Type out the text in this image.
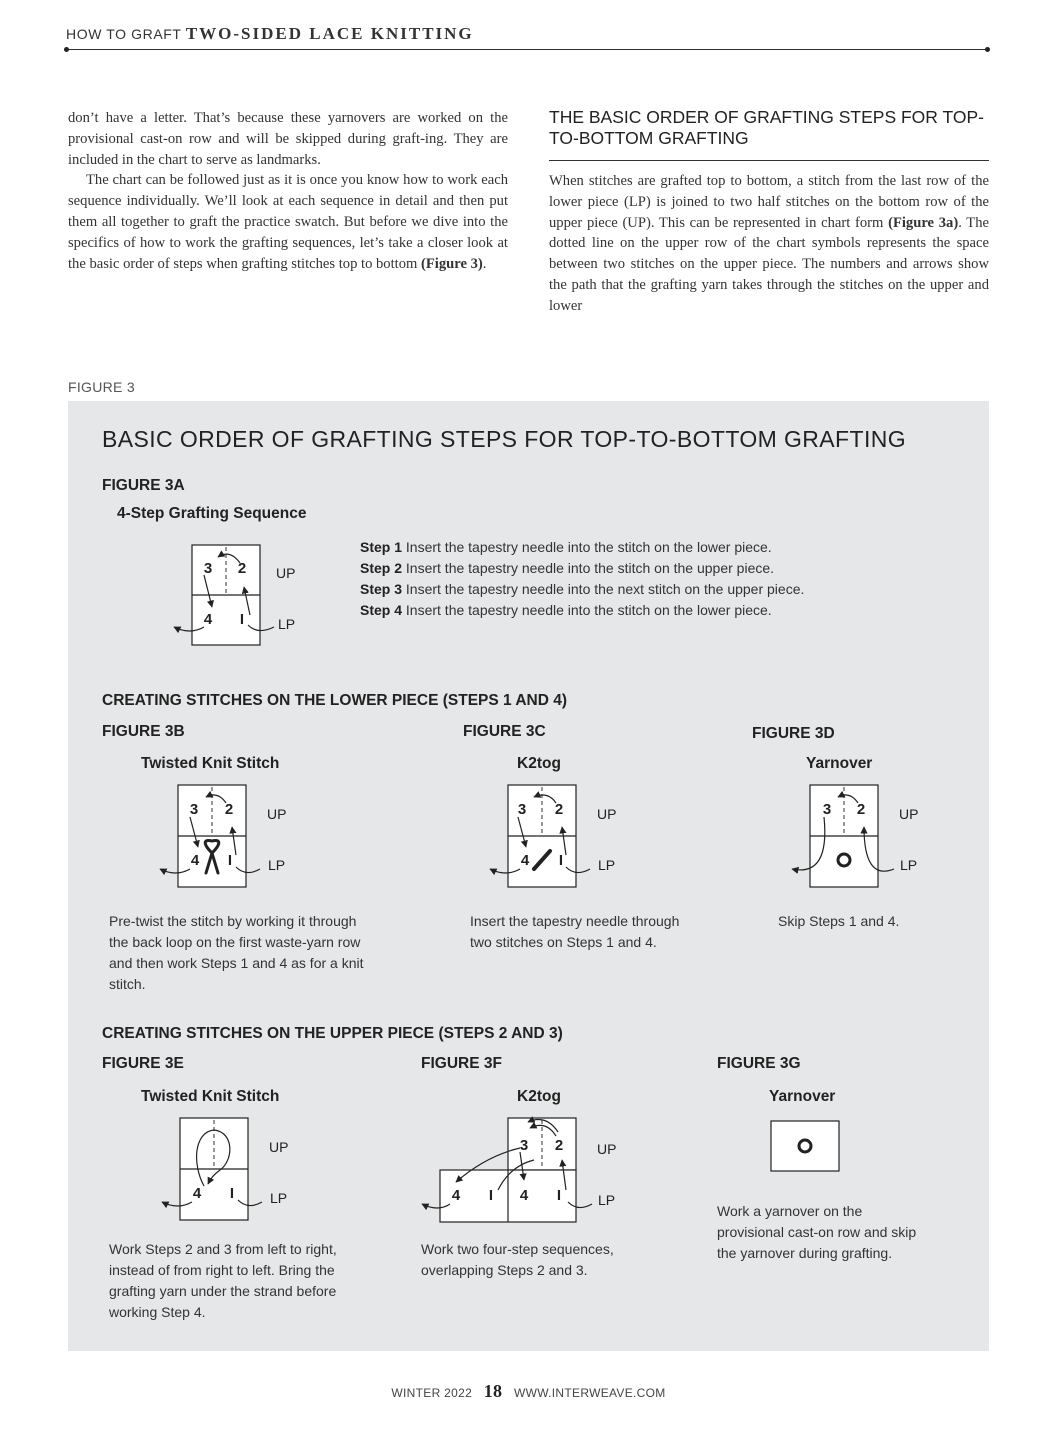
HOW TO GRAFT TWO-SIDED LACE KNITTING

don’t have a letter. That’s because these yarnovers are worked on the provisional cast-on row and will be skipped during graft-ing. They are included in the chart to serve as landmarks.

The chart can be followed just as it is once you know how to work each sequence individually. We’ll look at each sequence in detail and then put them all together to graft the practice swatch. But before we dive into the specifics of how to work the grafting sequences, let’s take a closer look at the basic order of steps when grafting stitches top to bottom (Figure 3).

THE BASIC ORDER OF GRAFTING STEPS FOR TOP-TO-BOTTOM GRAFTING

When stitches are grafted top to bottom, a stitch from the last row of the lower piece (LP) is joined to two half stitches on the bottom row of the upper piece (UP). This can be represented in chart form (Figure 3a). The dotted line on the upper row of the chart symbols represents the space between two stitches on the upper piece. The numbers and arrows show the path that the grafting yarn takes through the stitches on the upper and lower

FIGURE 3
BASIC ORDER OF GRAFTING STEPS FOR TOP-TO-BOTTOM GRAFTING
FIGURE 3A
4-Step Grafting Sequence
3 2
4 I
UP
LP
Step 1 Insert the tapestry needle into the stitch on the lower piece.
Step 2 Insert the tapestry needle into the stitch on the upper piece.
Step 3 Insert the tapestry needle into the next stitch on the upper piece.
Step 4 Insert the tapestry needle into the stitch on the lower piece.
CREATING STITCHES ON THE LOWER PIECE (STEPS 1 AND 4)
FIGURE 3B
Twisted Knit Stitch
3 2
4 I
UP
LP
Pre-twist the stitch by working it through the back loop on the first waste-yarn row and then work Steps 1 and 4 as for a knit stitch.
FIGURE 3C
K2tog
3 2
4 I
UP
LP
Insert the tapestry needle through two stitches on Steps 1 and 4.
FIGURE 3D
Yarnover
3 2 UP
LP
Skip Steps 1 and 4.
CREATING STITCHES ON THE UPPER PIECE (STEPS 2 AND 3)
FIGURE 3E
Twisted Knit Stitch
4 I
UP
LP
Work Steps 2 and 3 from left to right, instead of from right to left. Bring the grafting yarn under the strand before working Step 4.
FIGURE 3F
K2tog
3 2
4 I 4 I
UP
LP
Work two four-step sequences, overlapping Steps 2 and 3.
FIGURE 3G
Yarnover
Work a yarnover on the provisional cast-on row and skip the yarnover during grafting.
WINTER 2022 18 WWW.INTERWEAVE.COM
